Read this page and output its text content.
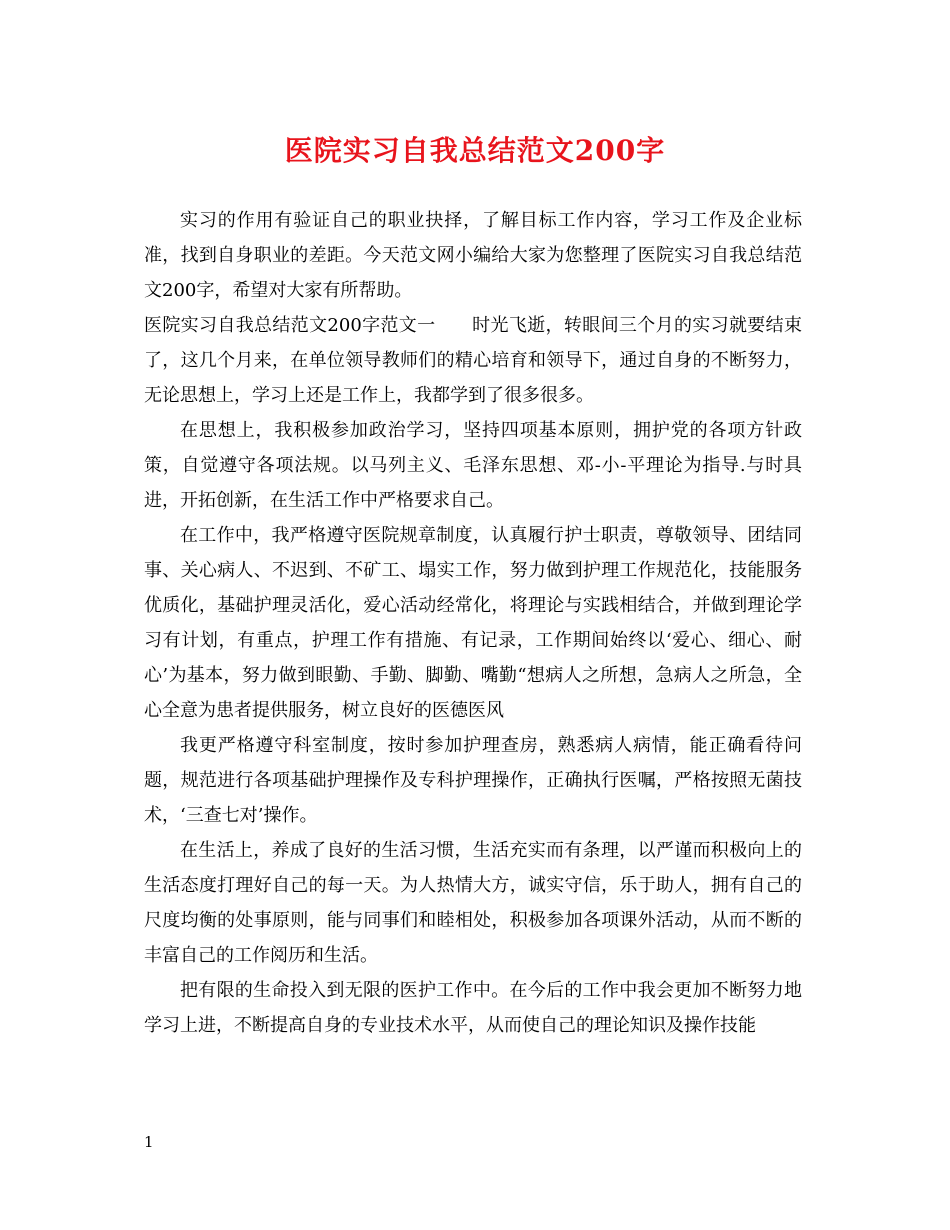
医院实习自我总结范文200字

实习的作用有验证自己的职业抉择，了解目标工作内容，学习工作及企业标准，找到自身职业的差距。今天范文网小编给大家为您整理了医院实习自我总结范文200字，希望对大家有所帮助。

医院实习自我总结范文200字范文一　　时光飞逝，转眼间三个月的实习就要结束了，这几个月来，在单位领导教师们的精心培育和领导下，通过自身的不断努力，无论思想上，学习上还是工作上，我都学到了很多很多。

在思想上，我积极参加政治学习，坚持四项基本原则，拥护党的各项方针政策，自觉遵守各项法规。以马列主义、毛泽东思想、邓-小-平理论为指导.与时具进，开拓创新，在生活工作中严格要求自己。

在工作中，我严格遵守医院规章制度，认真履行护士职责，尊敬领导、团结同事、关心病人、不迟到、不矿工、塌实工作，努力做到护理工作规范化，技能服务优质化，基础护理灵活化，爱心活动经常化，将理论与实践相结合，并做到理论学习有计划，有重点，护理工作有措施、有记录，工作期间始终以‘爱心、细心、耐心’为基本，努力做到眼勤、手勤、脚勤、嘴勤“想病人之所想，急病人之所急，全心全意为患者提供服务，树立良好的医德医风

我更严格遵守科室制度，按时参加护理查房，熟悉病人病情，能正确看待问题，规范进行各项基础护理操作及专科护理操作，正确执行医嘱，严格按照无菌技术，‘三查七对’操作。

在生活上，养成了良好的生活习惯，生活充实而有条理，以严谨而积极向上的生活态度打理好自己的每一天。为人热情大方，诚实守信，乐于助人，拥有自己的尺度均衡的处事原则，能与同事们和睦相处，积极参加各项课外活动，从而不断的丰富自己的工作阅历和生活。

把有限的生命投入到无限的医护工作中。在今后的工作中我会更加不断努力地学习上进，不断提高自身的专业技术水平，从而使自己的理论知识及操作技能

1
